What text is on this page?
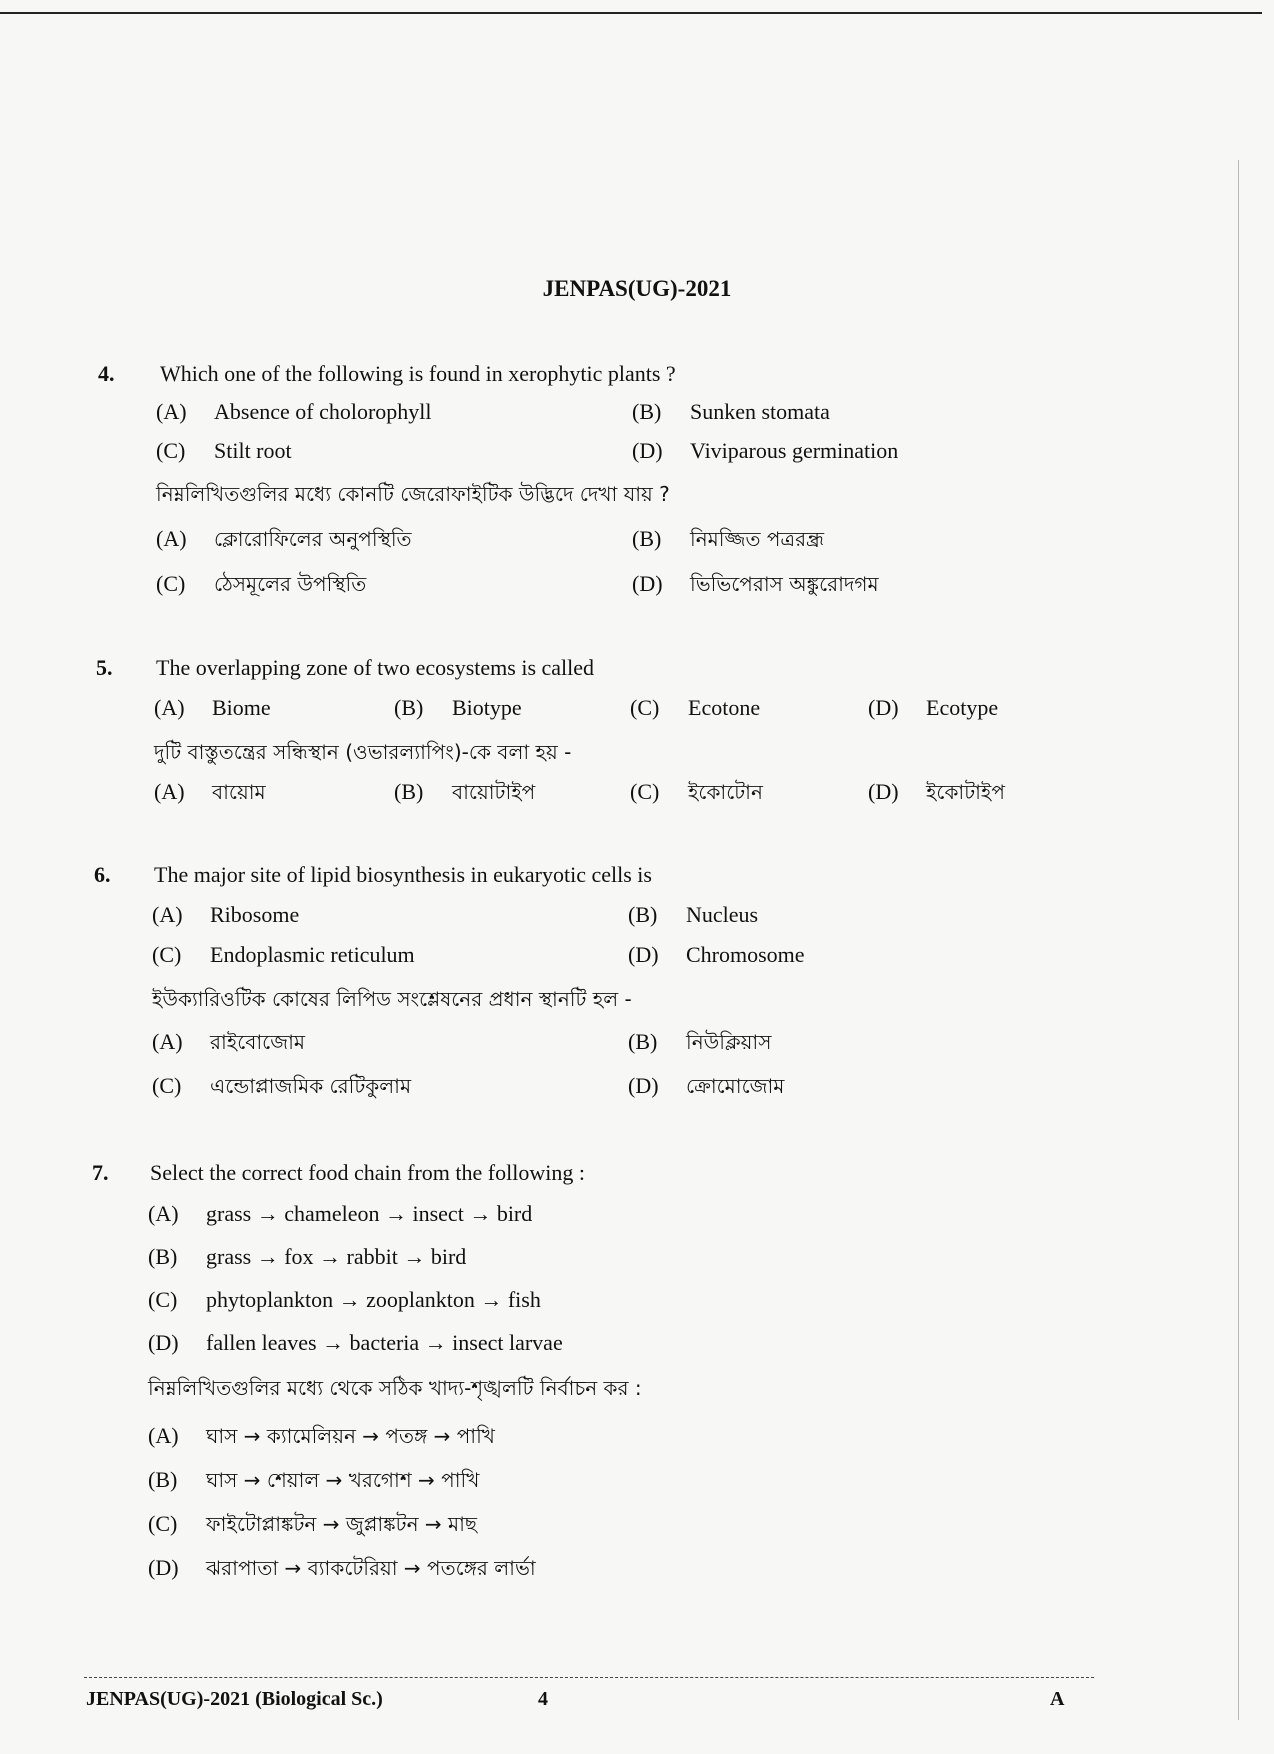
JENPAS(UG)-2021
4. Which one of the following is found in xerophytic plants ?
(A) Absence of cholorophyll	(B) Sunken stomata
(C) Stilt root	(D) Viviparous germination
নিম্নলিখিতগুলির মধ্যে কোনটি জেরোফাইটিক উদ্ভিদে দেখা যায় ?
(A) ক্লোরোফিলের অনুপস্থিতি	(B) নিমজ্জিত পত্ররন্ধ্র
(C) ঠেসমূলের উপস্থিতি	(D) ভিভিপেরাস অঙ্কুরোদগম
5. The overlapping zone of two ecosystems is called
(A) Biome	(B) Biotype	(C) Ecotone	(D) Ecotype
দুটি বাস্তুতন্ত্রের সন্ধিস্থান (ওভারল্যাপিং)-কে বলা হয় -
(A) বায়োম	(B) বায়োটাইপ	(C) ইকোটোন	(D) ইকোটাইপ
6. The major site of lipid biosynthesis in eukaryotic cells is
(A) Ribosome	(B) Nucleus
(C) Endoplasmic reticulum	(D) Chromosome
ইউক্যারিওটিক কোষের লিপিড সংশ্লেষনের প্রধান স্থানটি হল -
(A) রাইবোজোম	(B) নিউক্লিয়াস
(C) এন্ডোপ্লাজমিক রেটিকুলাম	(D) ক্রোমোজোম
7. Select the correct food chain from the following :
(A) grass → chameleon → insect → bird
(B) grass → fox → rabbit → bird
(C) phytoplankton → zooplankton → fish
(D) fallen leaves → bacteria → insect larvae
নিম্নলিখিতগুলির মধ্যে থেকে সঠিক খাদ্য-শৃঙ্খলটি নির্বাচন কর :
(A) ঘাস → ক্যামেলিয়ন → পতঙ্গ → পাখি
(B) ঘাস → শেয়াল → খরগোশ → পাখি
(C) ফাইটোপ্লাঙ্কটন → জুপ্লাঙ্কটন → মাছ
(D) ঝরাপাতা → ব্যাকটেরিয়া → পতঙ্গের লার্ভা
JENPAS(UG)-2021 (Biological Sc.)	4	A
